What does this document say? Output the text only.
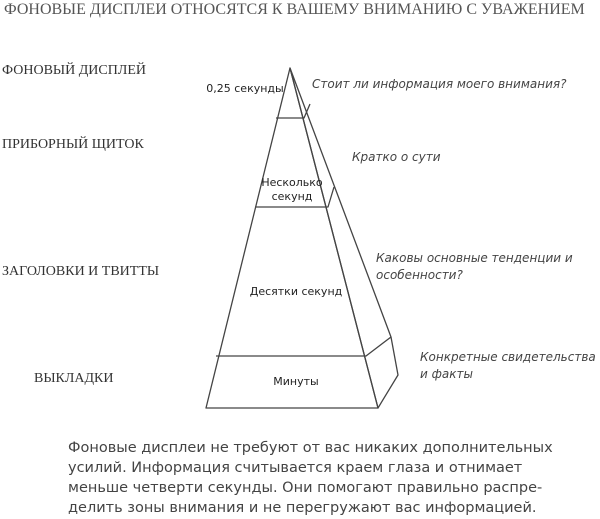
ФОНОВЫЕ ДИСПЛЕИ ОТНОСЯТСЯ К ВАШЕМУ ВНИМАНИЮ С УВАЖЕНИЕМ
ФОНОВЫЙ ДИСПЛЕЙ
ПРИБОРНЫЙ ЩИТОК
ЗАГОЛОВКИ И ТВИТТЫ
ВЫКЛАДКИ
0,25 секунды
Несколько секунд
Десятки секунд
Минуты
Стоит ли информация моего внимания?
Кратко о сути
Каковы основные тенденции и особенности?
Конкретные свидетельства и факты
Фоновые дисплеи не требуют от вас никаких дополнительных
усилий. Информация считывается краем глаза и отнимает
меньше четверти секунды. Они помогают правильно распре-
делить зоны внимания и не перегружают вас информацией.
